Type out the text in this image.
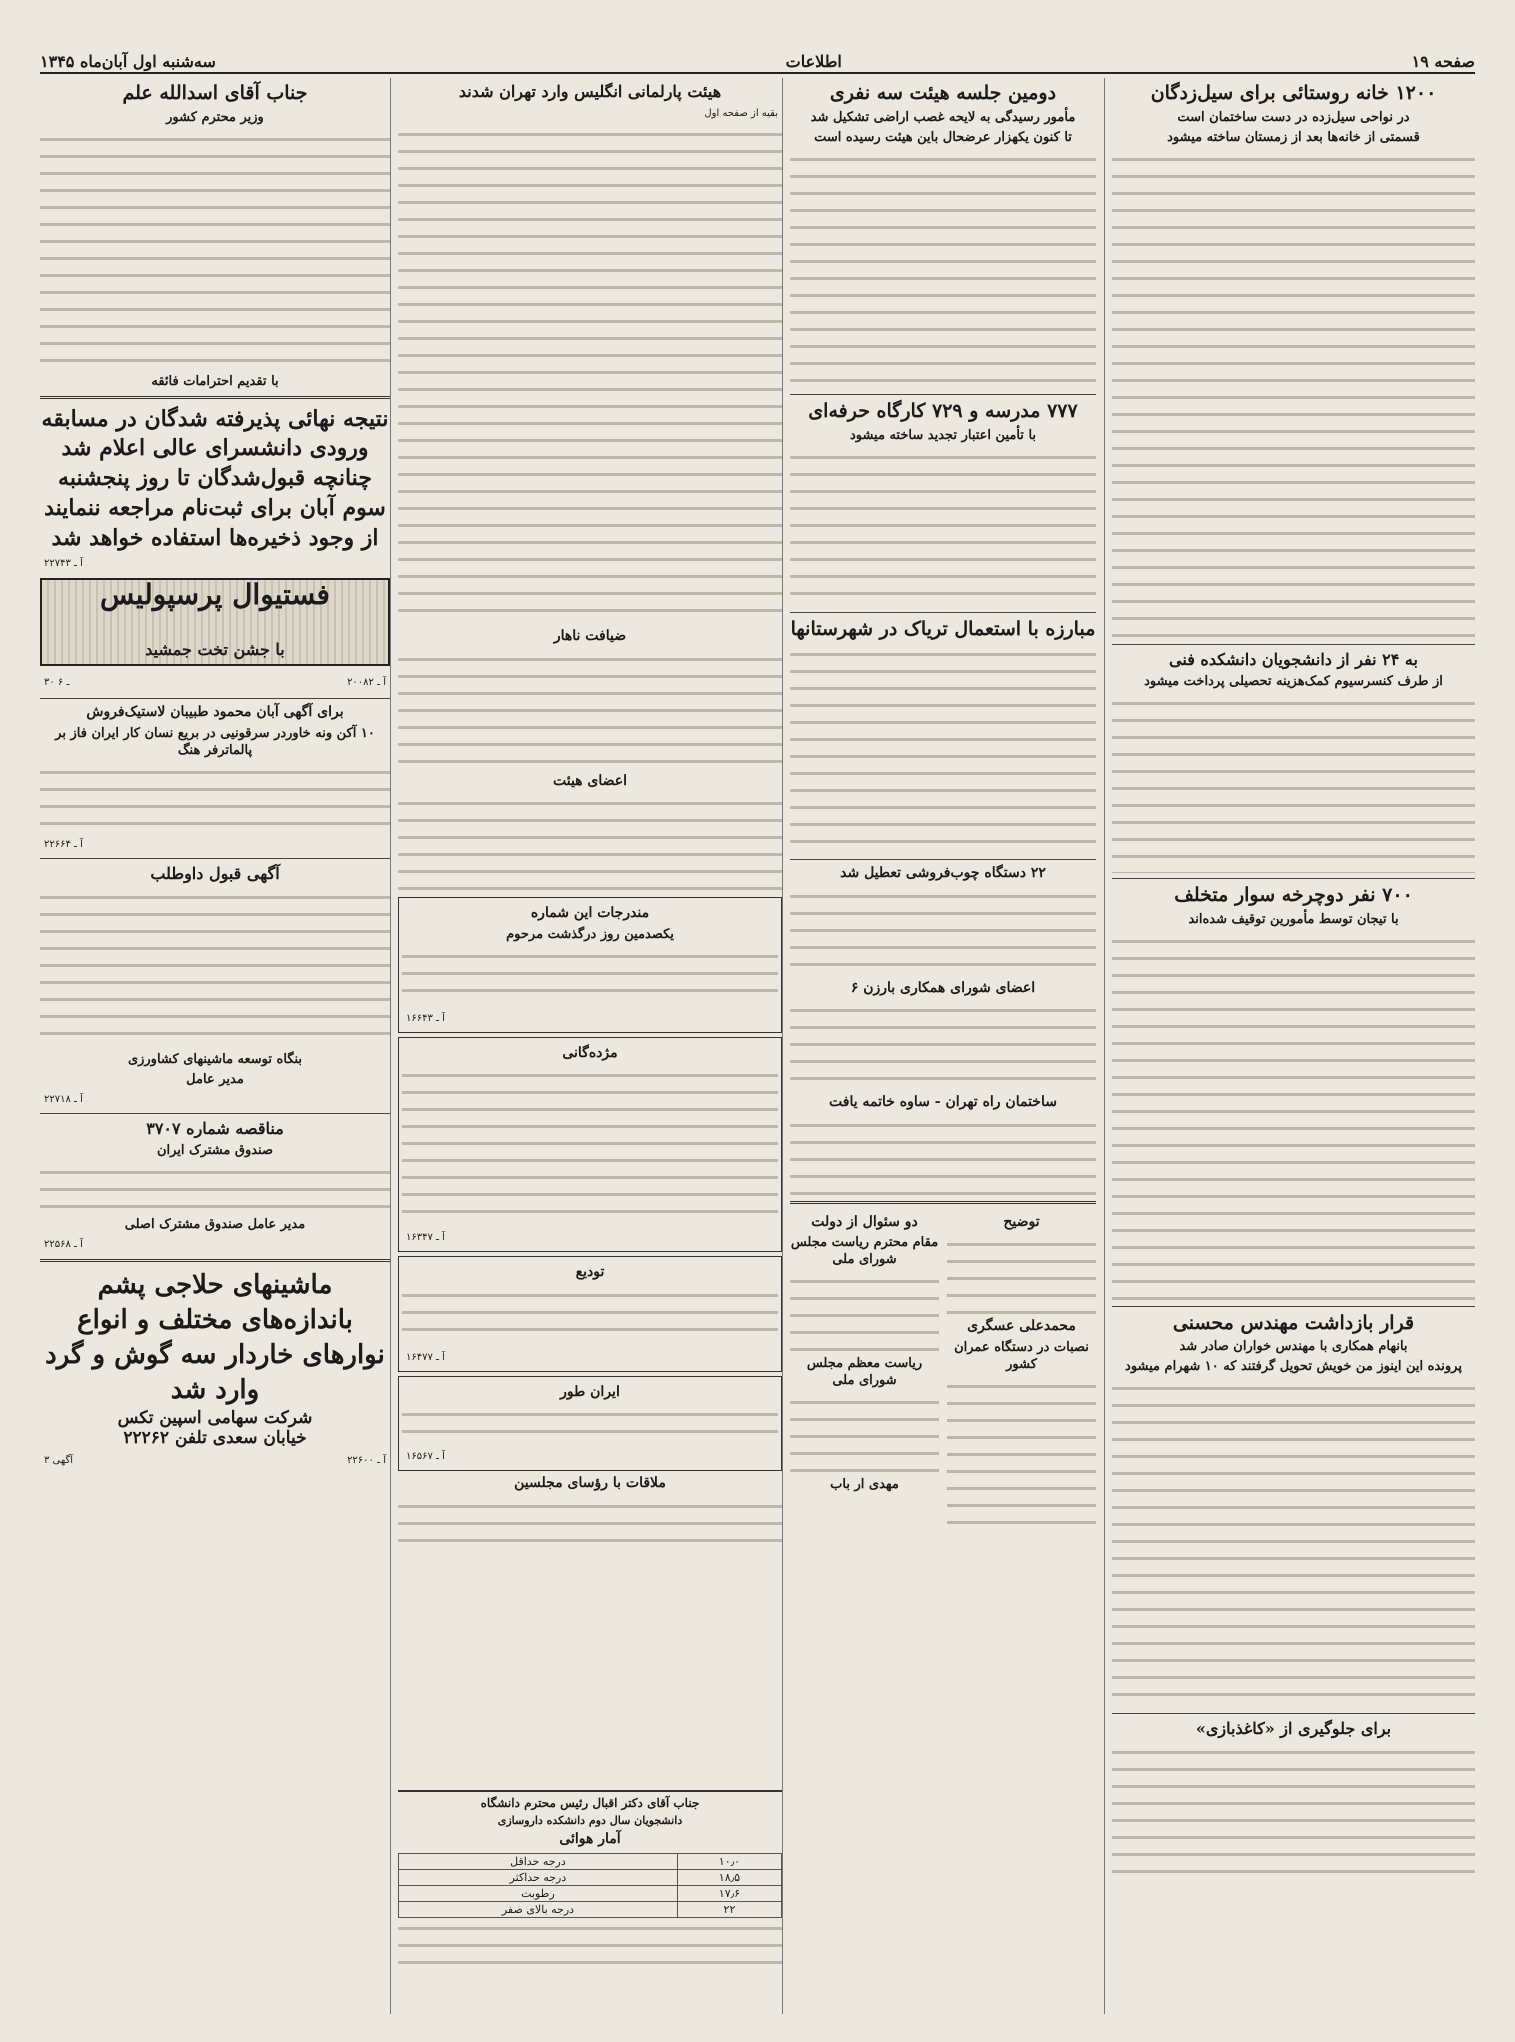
صفحه ۱۹
اطلاعات
سه‌شنبه اول آبان‌ماه ۱۳۴۵
۱۲۰۰ خانه روستائی برای سیل‌زدگان
در نواحی سیل‌زده در دست ساختمان است
قسمتی از خانه‌ها بعد از زمستان ساخته میشود
به ۲۴ نفر از دانشجویان دانشکده فنی
از طرف کنسرسیوم کمک‌هزینه تحصیلی پرداخت میشود
۷۰۰ نفر دوچرخه سوار متخلف
با تیجان توسط مأمورین توقیف شده‌اند
قرار بازداشت مهندس محسنی
بانهام همکاری با مهندس خواران صادر شد
پرونده این اینوز من خویش تحویل گرفتند که ۱۰ شهرام میشود
برای جلوگیری از «کاغذبازی»
دومین جلسه هیئت سه نفری
مأمور رسیدگی به لایحه غصب اراضی تشکیل شد
تا کنون یکهزار عرضحال باین هیئت رسیده است
۷۷۷ مدرسه و ۷۲۹ کارگاه حرفه‌ای
با تأمین اعتبار تجدید ساخته میشود
مبارزه با استعمال تریاک در شهرستانها
۲۲ دستگاه چوب‌فروشی تعطیل شد
اعضای شورای همکاری بارزن ۶
ساختمان راه تهران - ساوه خاتمه یافت
توضیح
محمدعلی عسگری
نصبات در دستگاه عمران کشور
دو سئوال از دولت
مقام محترم ریاست مجلس شورای ملی
ریاست معظم مجلس شورای ملی
مهدی ار باب
هیئت پارلمانی انگلیس وارد تهران شدند
بقیه از صفحه اول
ضیافت ناهار
اعضای هیئت
مندرجات این شماره
یکصدمین روز درگذشت مرحوم
آ ـ ۱۶۶۴۳
مژده‌گانی
آ ـ ۱۶۳۴۷
تودیع
آ ـ ۱۶۴۷۷
ایران طور
آ ـ ۱۶۵۶۷
ملاقات با رؤسای مجلسین
جناب آقای اسدالله علم
وزیر محترم کشور
با تقدیم احترامات فائقه
نتیجه نهائی پذیرفته شدگان در مسابقه ورودی دانشسرای عالی اعلام شد چنانچه قبول‌شدگان تا روز پنجشنبه سوم آبان برای ثبت‌نام مراجعه ننمایند از وجود ذخیره‌ها استفاده خواهد شد
آ ـ ۲۲۷۴۳
فستیوال پرسپولیس
با جشن تخت جمشید
۳۰ ـ ۶	آ ـ ۲۰۰۸۲
برای آگهی آبان محمود طبیبان لاستیک‌فروش
۱۰ آکن ونه خاوردر سرقونیی در بریع نسان کار ایران فاز بر پالماترفر هنگ
آ ـ ۲۲۶۶۴
آگهی قبول داوطلب
بنگاه توسعه ماشینهای کشاورزی
مدیر عامل
آ ـ ۲۲۷۱۸
مناقصه شماره ۳۷۰۷
صندوق مشترک ایران
مدیر عامل صندوق مشترک اصلی
آ ـ ۲۲۵۶۸
ماشینهای حلاجی پشم باندازه‌های مختلف و انواع نوارهای خاردار سه گوش و گرد وارد شد
شرکت سهامی اسپین تکس
خیابان سعدی تلفن ۲۲۲۶۲
آ ـ ۲۲۶۰۰
آگهی ۳
جناب آقای دکتر اقبال رئیس محترم دانشگاه
دانشجویان سال دوم دانشکده داروسازی
آمار هوائی
۱۰٫۰	درجه حداقل
۱۸٫۵	درجه حداکثر
۱۷٫۶	رطوبت
۲۲	درجه بالای صفر
